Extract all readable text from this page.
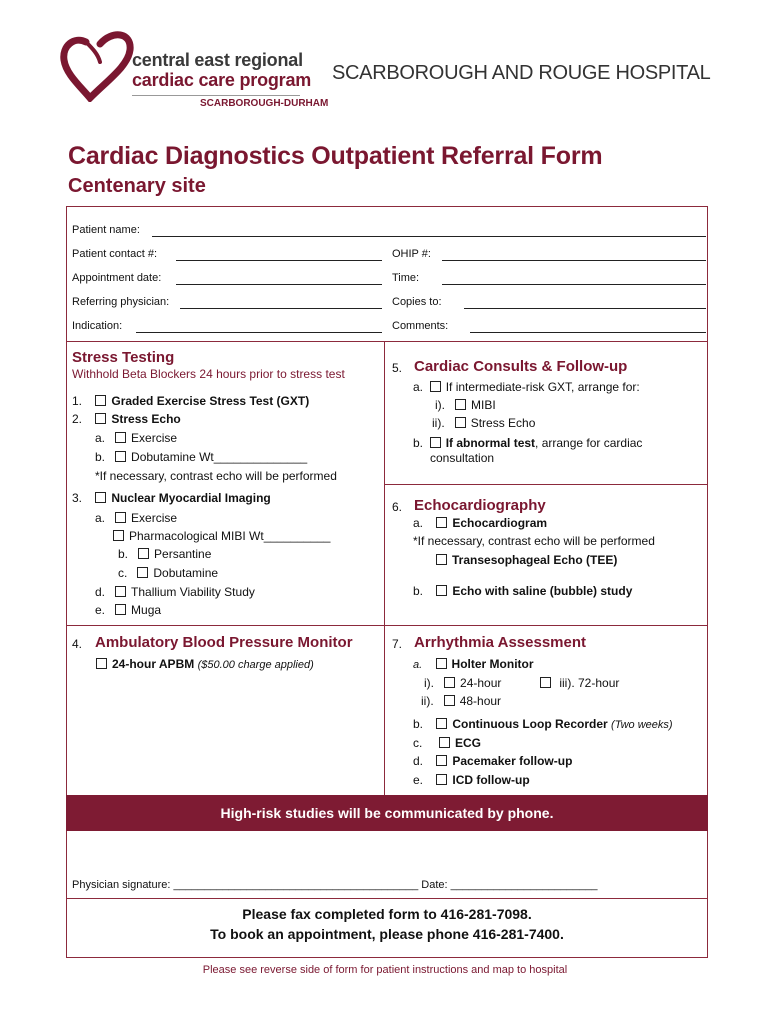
central east regional
cardiac care program
SCARBOROUGH-DURHAM
SCARBOROUGH AND ROUGE HOSPITAL
Cardiac Diagnostics Outpatient Referral Form
Centenary site
Patient name:
Patient contact #:	OHIP #:
Appointment date:	Time:
Referring physician:	Copies to:
Indication:	Comments:
Stress Testing
Withhold Beta Blockers 24 hours prior to stress test
1. Graded Exercise Stress Test (GXT)
2. Stress Echo
a. Exercise
b. Dobutamine Wt______________
*If necessary, contrast echo will be performed
3. Nuclear Myocardial Imaging
a. Exercise
Pharmacological MIBI Wt__________
b. Persantine
c. Dobutamine
d. Thallium Viability Study
e. Muga
5. Cardiac Consults & Follow-up
a. If intermediate-risk GXT, arrange for:
i). MIBI
ii). Stress Echo
b. If abnormal test, arrange for cardiac
consultation
6. Echocardiography
a. Echocardiogram
*If necessary, contrast echo will be performed
Transesophageal Echo (TEE)
b. Echo with saline (bubble) study
4. Ambulatory Blood Pressure Monitor
24-hour APBM ($50.00 charge applied)
7. Arrhythmia Assessment
a. Holter Monitor
i). 24-hour	iii). 72-hour
ii). 48-hour
b. Continuous Loop Recorder (Two weeks)
c.	ECG
d. Pacemaker follow-up
e. ICD follow-up
High-risk studies will be communicated by phone.
Physician signature: ________________________________________ Date: ________________________
Please fax completed form to 416-281-7098.
To book an appointment, please phone 416-281-7400.
Please see reverse side of form for patient instructions and map to hospital
